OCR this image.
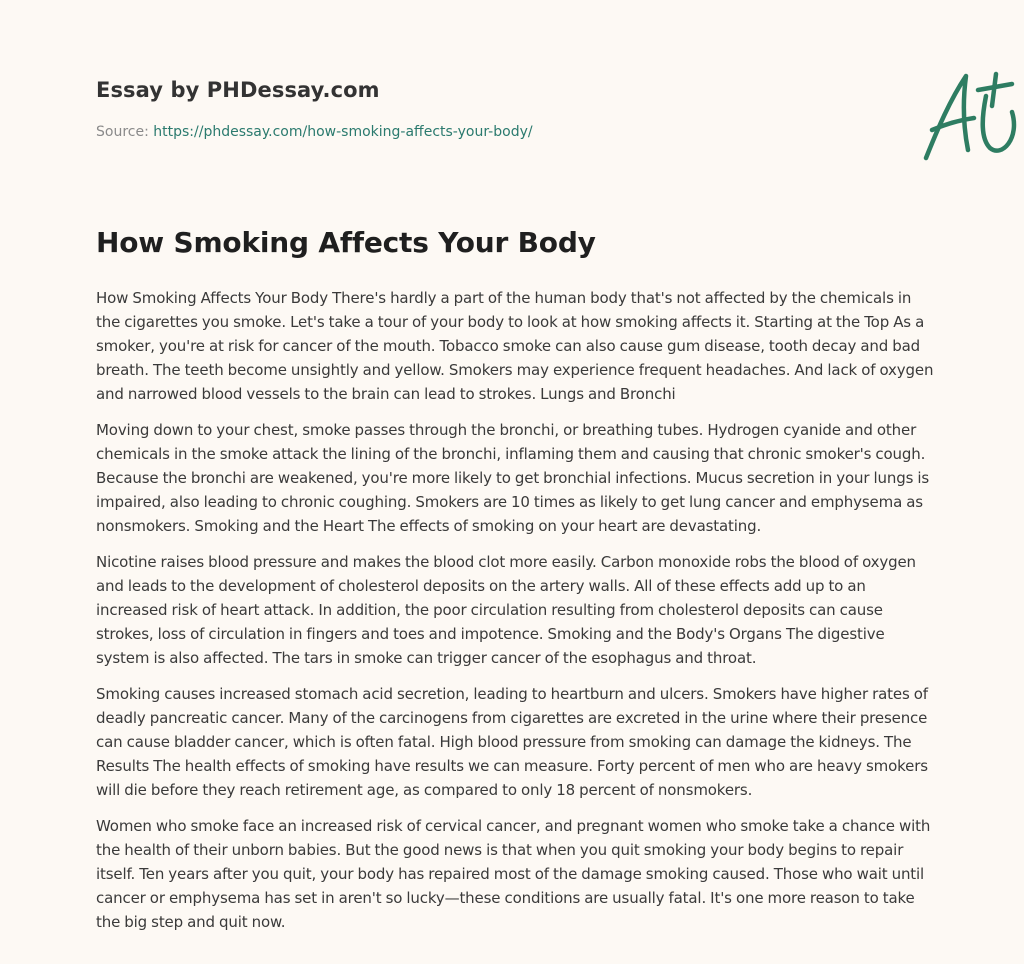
Essay by PHDessay.com
Source: https://phdessay.com/how-smoking-affects-your-body/
How Smoking Affects Your Body

How Smoking Affects Your Body There's hardly a part of the human body that's not affected by the chemicals in the cigarettes you smoke. Let's take a tour of your body to look at how smoking affects it. Starting at the Top As a smoker, you're at risk for cancer of the mouth. Tobacco smoke can also cause gum disease, tooth decay and bad breath. The teeth become unsightly and yellow. Smokers may experience frequent headaches. And lack of oxygen and narrowed blood vessels to the brain can lead to strokes. Lungs and Bronchi

Moving down to your chest, smoke passes through the bronchi, or breathing tubes. Hydrogen cyanide and other chemicals in the smoke attack the lining of the bronchi, inflaming them and causing that chronic smoker's cough. Because the bronchi are weakened, you're more likely to get bronchial infections. Mucus secretion in your lungs is impaired, also leading to chronic coughing. Smokers are 10 times as likely to get lung cancer and emphysema as nonsmokers. Smoking and the Heart The effects of smoking on your heart are devastating.

Nicotine raises blood pressure and makes the blood clot more easily. Carbon monoxide robs the blood of oxygen and leads to the development of cholesterol deposits on the artery walls. All of these effects add up to an increased risk of heart attack. In addition, the poor circulation resulting from cholesterol deposits can cause strokes, loss of circulation in fingers and toes and impotence. Smoking and the Body's Organs The digestive system is also affected. The tars in smoke can trigger cancer of the esophagus and throat.

Smoking causes increased stomach acid secretion, leading to heartburn and ulcers. Smokers have higher rates of deadly pancreatic cancer. Many of the carcinogens from cigarettes are excreted in the urine where their presence can cause bladder cancer, which is often fatal. High blood pressure from smoking can damage the kidneys. The Results The health effects of smoking have results we can measure. Forty percent of men who are heavy smokers will die before they reach retirement age, as compared to only 18 percent of nonsmokers.

Women who smoke face an increased risk of cervical cancer, and pregnant women who smoke take a chance with the health of their unborn babies. But the good news is that when you quit smoking your body begins to repair itself. Ten years after you quit, your body has repaired most of the damage smoking caused. Those who wait until cancer or emphysema has set in aren't so lucky—these conditions are usually fatal. It's one more reason to take the big step and quit now.
